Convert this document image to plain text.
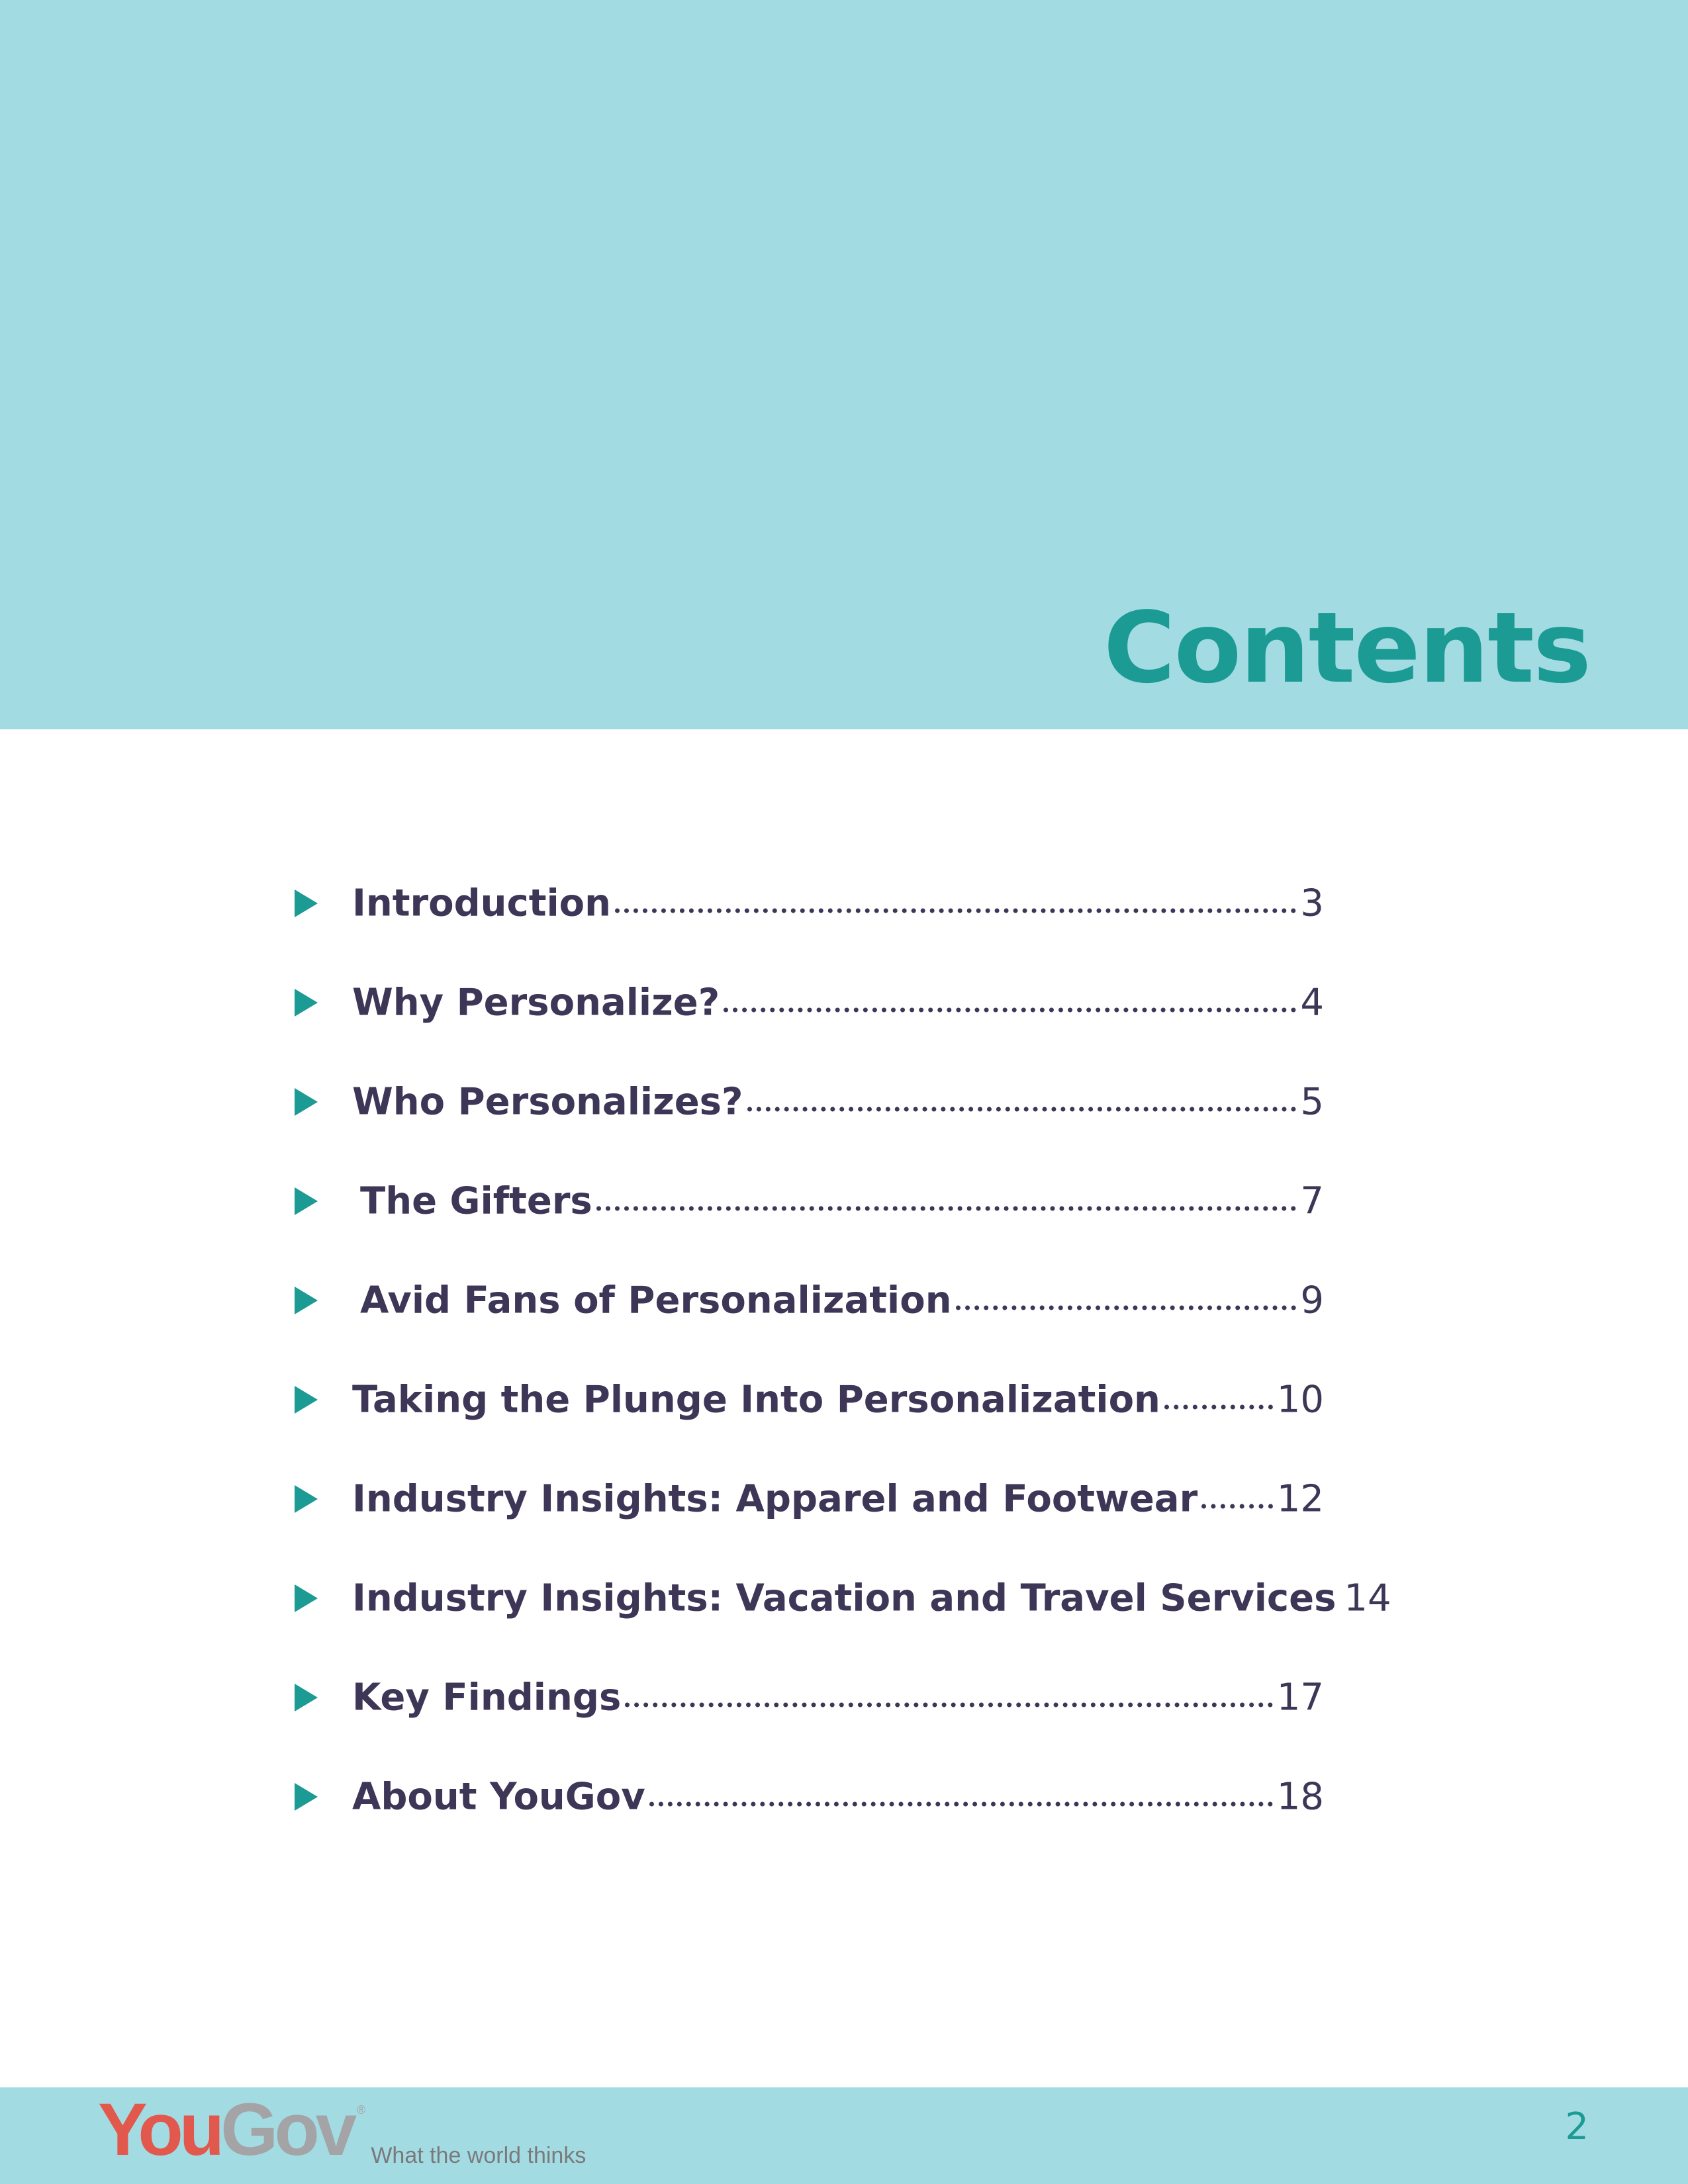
Contents
Introduction	3
Why Personalize?	4
Who Personalizes?	5
The Gifters	7
Avid Fans of Personalization	9
Taking the Plunge Into Personalization	10
Industry Insights: Apparel and Footwear 12
Industry Insights: Vacation and Travel Services 14
Key Findings	17
About YouGov	18
You Gov ®
What the world thinks
2
